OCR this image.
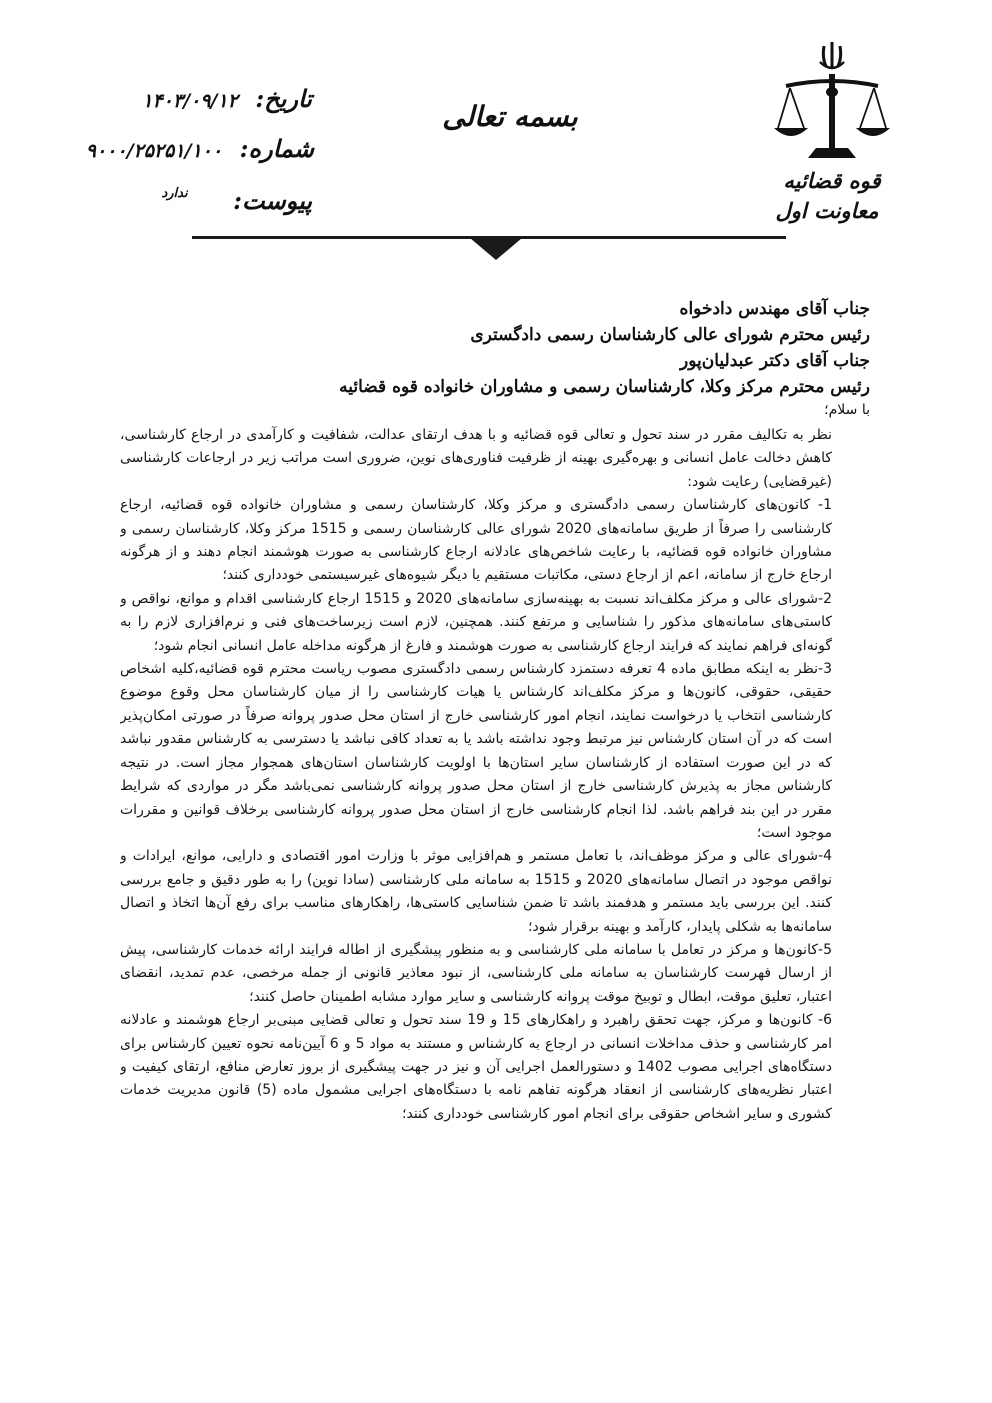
قوه قضائیه
معاونت اول
بسمه تعالی
تاریخ: ۱۴۰۳/۰۹/۱۲
شماره: ۹۰۰۰/۲۵۲۵۱/۱۰۰
پیوست: $^{ندارد}$
جناب آقای مهندس دادخواه
رئیس محترم شورای عالی کارشناسان رسمی دادگستری
جناب آقای دکتر عبدلیان‌پور
رئیس محترم مرکز وکلا، کارشناسان رسمی و مشاوران خانواده قوه قضائیه
با سلام؛

نظر به تکالیف مقرر در سند تحول و تعالی قوه قضائیه و با هدف ارتقای عدالت، شفافیت و کارآمدی در ارجاع کارشناسی، کاهش دخالت عامل انسانی و بهره‌گیری بهینه از ظرفیت فناوری‌های نوین، ضروری است مراتب زیر در ارجاعات کارشناسی (غیرقضایی) رعایت شود:

1- کانون‌های کارشناسان رسمی دادگستری و مرکز وکلا، کارشناسان رسمی و مشاوران خانواده قوه قضائیه، ارجاع کارشناسی را صرفاً از طریق سامانه‌های 2020 شورای عالی کارشناسان رسمی و 1515 مرکز وکلا، کارشناسان رسمی و مشاوران خانواده قوه قضائیه، با رعایت شاخص‌های عادلانه ارجاع کارشناسی به صورت هوشمند انجام دهند و از هرگونه ارجاع خارج از سامانه، اعم از ارجاع دستی، مکاتبات مستقیم یا دیگر شیوه‌های غیرسیستمی خودداری کنند؛

2-شورای عالی و مرکز مکلف‌اند نسبت به بهینه‌سازی سامانه‌های 2020 و 1515 ارجاع کارشناسی اقدام و موانع، نواقص و کاستی‌های سامانه‌های مذکور را شناسایی و مرتفع کنند. همچنین، لازم است زیرساخت‌های فنی و نرم‌افزاری لازم را به گونه‌ای فراهم نمایند که فرایند ارجاع کارشناسی به صورت هوشمند و فارغ از هرگونه مداخله عامل انسانی انجام شود؛

3-نظر به اینکه مطابق ماده 4 تعرفه دستمزد کارشناس رسمی دادگستری مصوب ریاست محترم قوه قضائیه،کلیه اشخاص حقیقی، حقوقی، کانون‌ها و مرکز مکلف‌اند کارشناس یا هیات کارشناسی را از میان کارشناسان محل وقوع موضوع کارشناسی انتخاب یا درخواست نمایند، انجام امور کارشناسی خارج از استان محل صدور پروانه صرفاً در صورتی امکان‌پذیر است که در آن استان کارشناس نیز مرتبط وجود نداشته باشد یا به تعداد کافی نباشد یا دسترسی به کارشناس مقدور نباشد که در این صورت استفاده از کارشناسان سایر استان‌ها با اولویت کارشناسان استان‌های همجوار مجاز است. در نتیجه کارشناس مجاز به پذیرش کارشناسی خارج از استان محل صدور پروانه کارشناسی نمی‌باشد مگر در مواردی که شرایط مقرر در این بند فراهم باشد. لذا انجام کارشناسی خارج از استان محل صدور پروانه کارشناسی برخلاف قوانین و مقررات موجود است؛

4-شورای عالی و مرکز موظف‌اند، با تعامل مستمر و هم‌افزایی موثر با وزارت امور اقتصادی و دارایی، موانع، ایرادات و نواقص موجود در اتصال سامانه‌های 2020 و 1515 به سامانه ملی کارشناسی (سادا نوین) را به طور دقیق و جامع بررسی کنند. این بررسی باید مستمر و هدفمند باشد تا ضمن شناسایی کاستی‌ها، راهکارهای مناسب برای رفع آن‌ها اتخاذ و اتصال سامانه‌ها به شکلی پایدار، کارآمد و بهینه برقرار شود؛

5-کانون‌ها و مرکز در تعامل با سامانه ملی کارشناسی و به منظور پیشگیری از اطاله فرایند ارائه خدمات کارشناسی، پیش از ارسال فهرست کارشناسان به سامانه ملی کارشناسی، از نبود معاذیر قانونی از جمله مرخصی، عدم تمدید، انقضای اعتبار، تعلیق موقت، ابطال و توبیخ موقت پروانه کارشناسی و سایر موارد مشابه اطمینان حاصل کنند؛

6- کانون‌ها و مرکز، جهت تحقق راهبرد و راهکارهای 15 و 19 سند تحول و تعالی قضایی مبنی‌بر ارجاع هوشمند و عادلانه امر کارشناسی و حذف مداخلات انسانی در ارجاع به کارشناس و مستند به مواد 5 و 6 آیین‌نامه نحوه تعیین کارشناس برای دستگاه‌های اجرایی مصوب 1402 و دستورالعمل اجرایی آن و نیز در جهت پیشگیری از بروز تعارض منافع، ارتقای کیفیت و اعتبار نظریه‌های کارشناسی از انعقاد هرگونه تفاهم نامه با دستگاه‌های اجرایی مشمول ماده (5) قانون مدیریت خدمات کشوری و سایر اشخاص حقوقی برای انجام امور کارشناسی خودداری کنند؛
